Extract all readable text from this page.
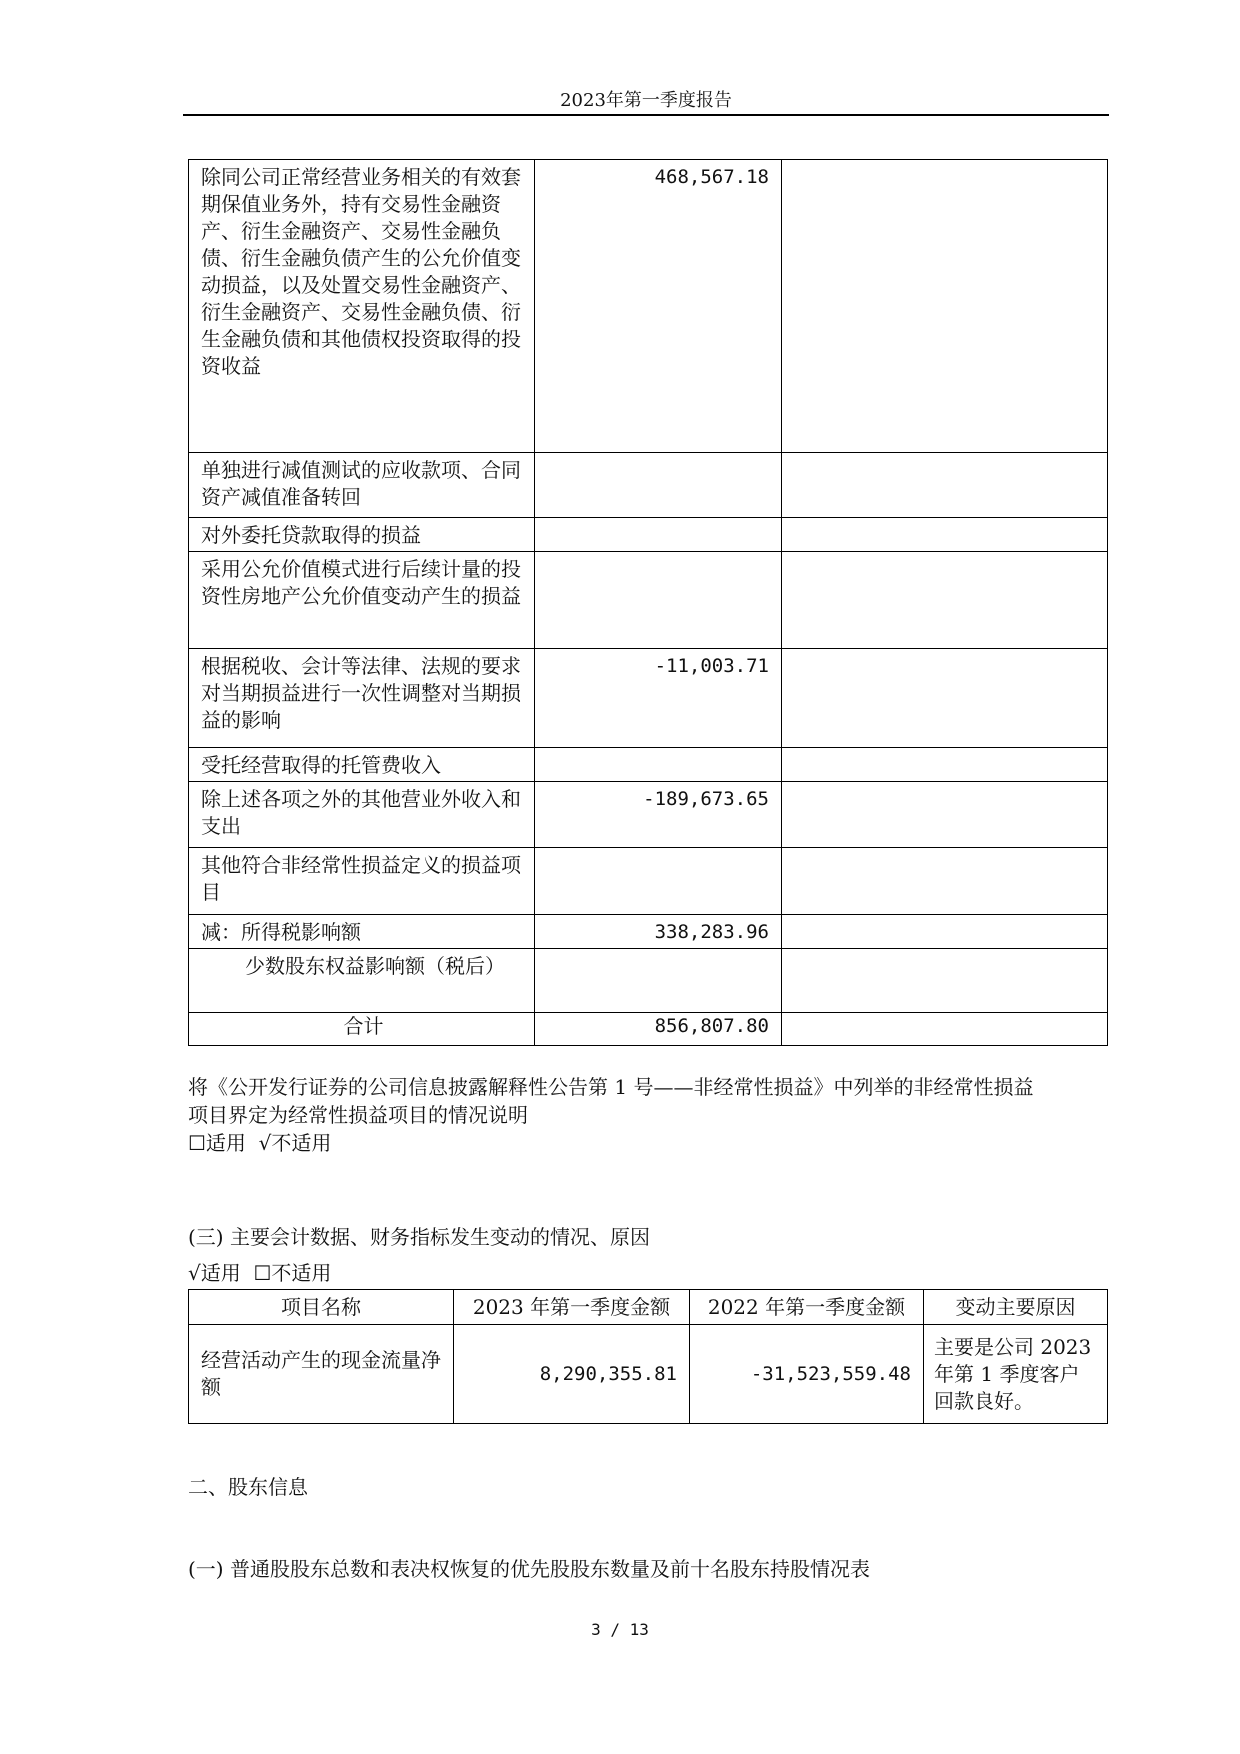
2023年第一季度报告
除同公司正常经营业务相关的有效套期保值业务外，持有交易性金融资产、衍生金融资产、交易性金融负债、衍生金融负债产生的公允价值变动损益，以及处置交易性金融资产、衍生金融资产、交易性金融负债、衍生金融负债和其他债权投资取得的投资收益	468,567.18	
单独进行减值测试的应收款项、合同资产减值准备转回		
对外委托贷款取得的损益		
采用公允价值模式进行后续计量的投资性房地产公允价值变动产生的损益		
根据税收、会计等法律、法规的要求对当期损益进行一次性调整对当期损益的影响	-11,003.71	
受托经营取得的托管费收入		
除上述各项之外的其他营业外收入和支出	-189,673.65	
其他符合非经常性损益定义的损益项目		
减：所得税影响额	338,283.96	
少数股东权益影响额（税后）		
合计	856,807.80	
将《公开发行证券的公司信息披露解释性公告第 1 号——非经常性损益》中列举的非经常性损益
项目界定为经常性损益项目的情况说明
☐适用  √不适用
(三) 主要会计数据、财务指标发生变动的情况、原因
√适用  ☐不适用
项目名称	2023 年第一季度金额	2022 年第一季度金额	变动主要原因
经营活动产生的现金流量净额	8,290,355.81	-31,523,559.48	主要是公司 2023 年第 1 季度客户回款良好。
二、股东信息
(一) 普通股股东总数和表决权恢复的优先股股东数量及前十名股东持股情况表
3 / 13
